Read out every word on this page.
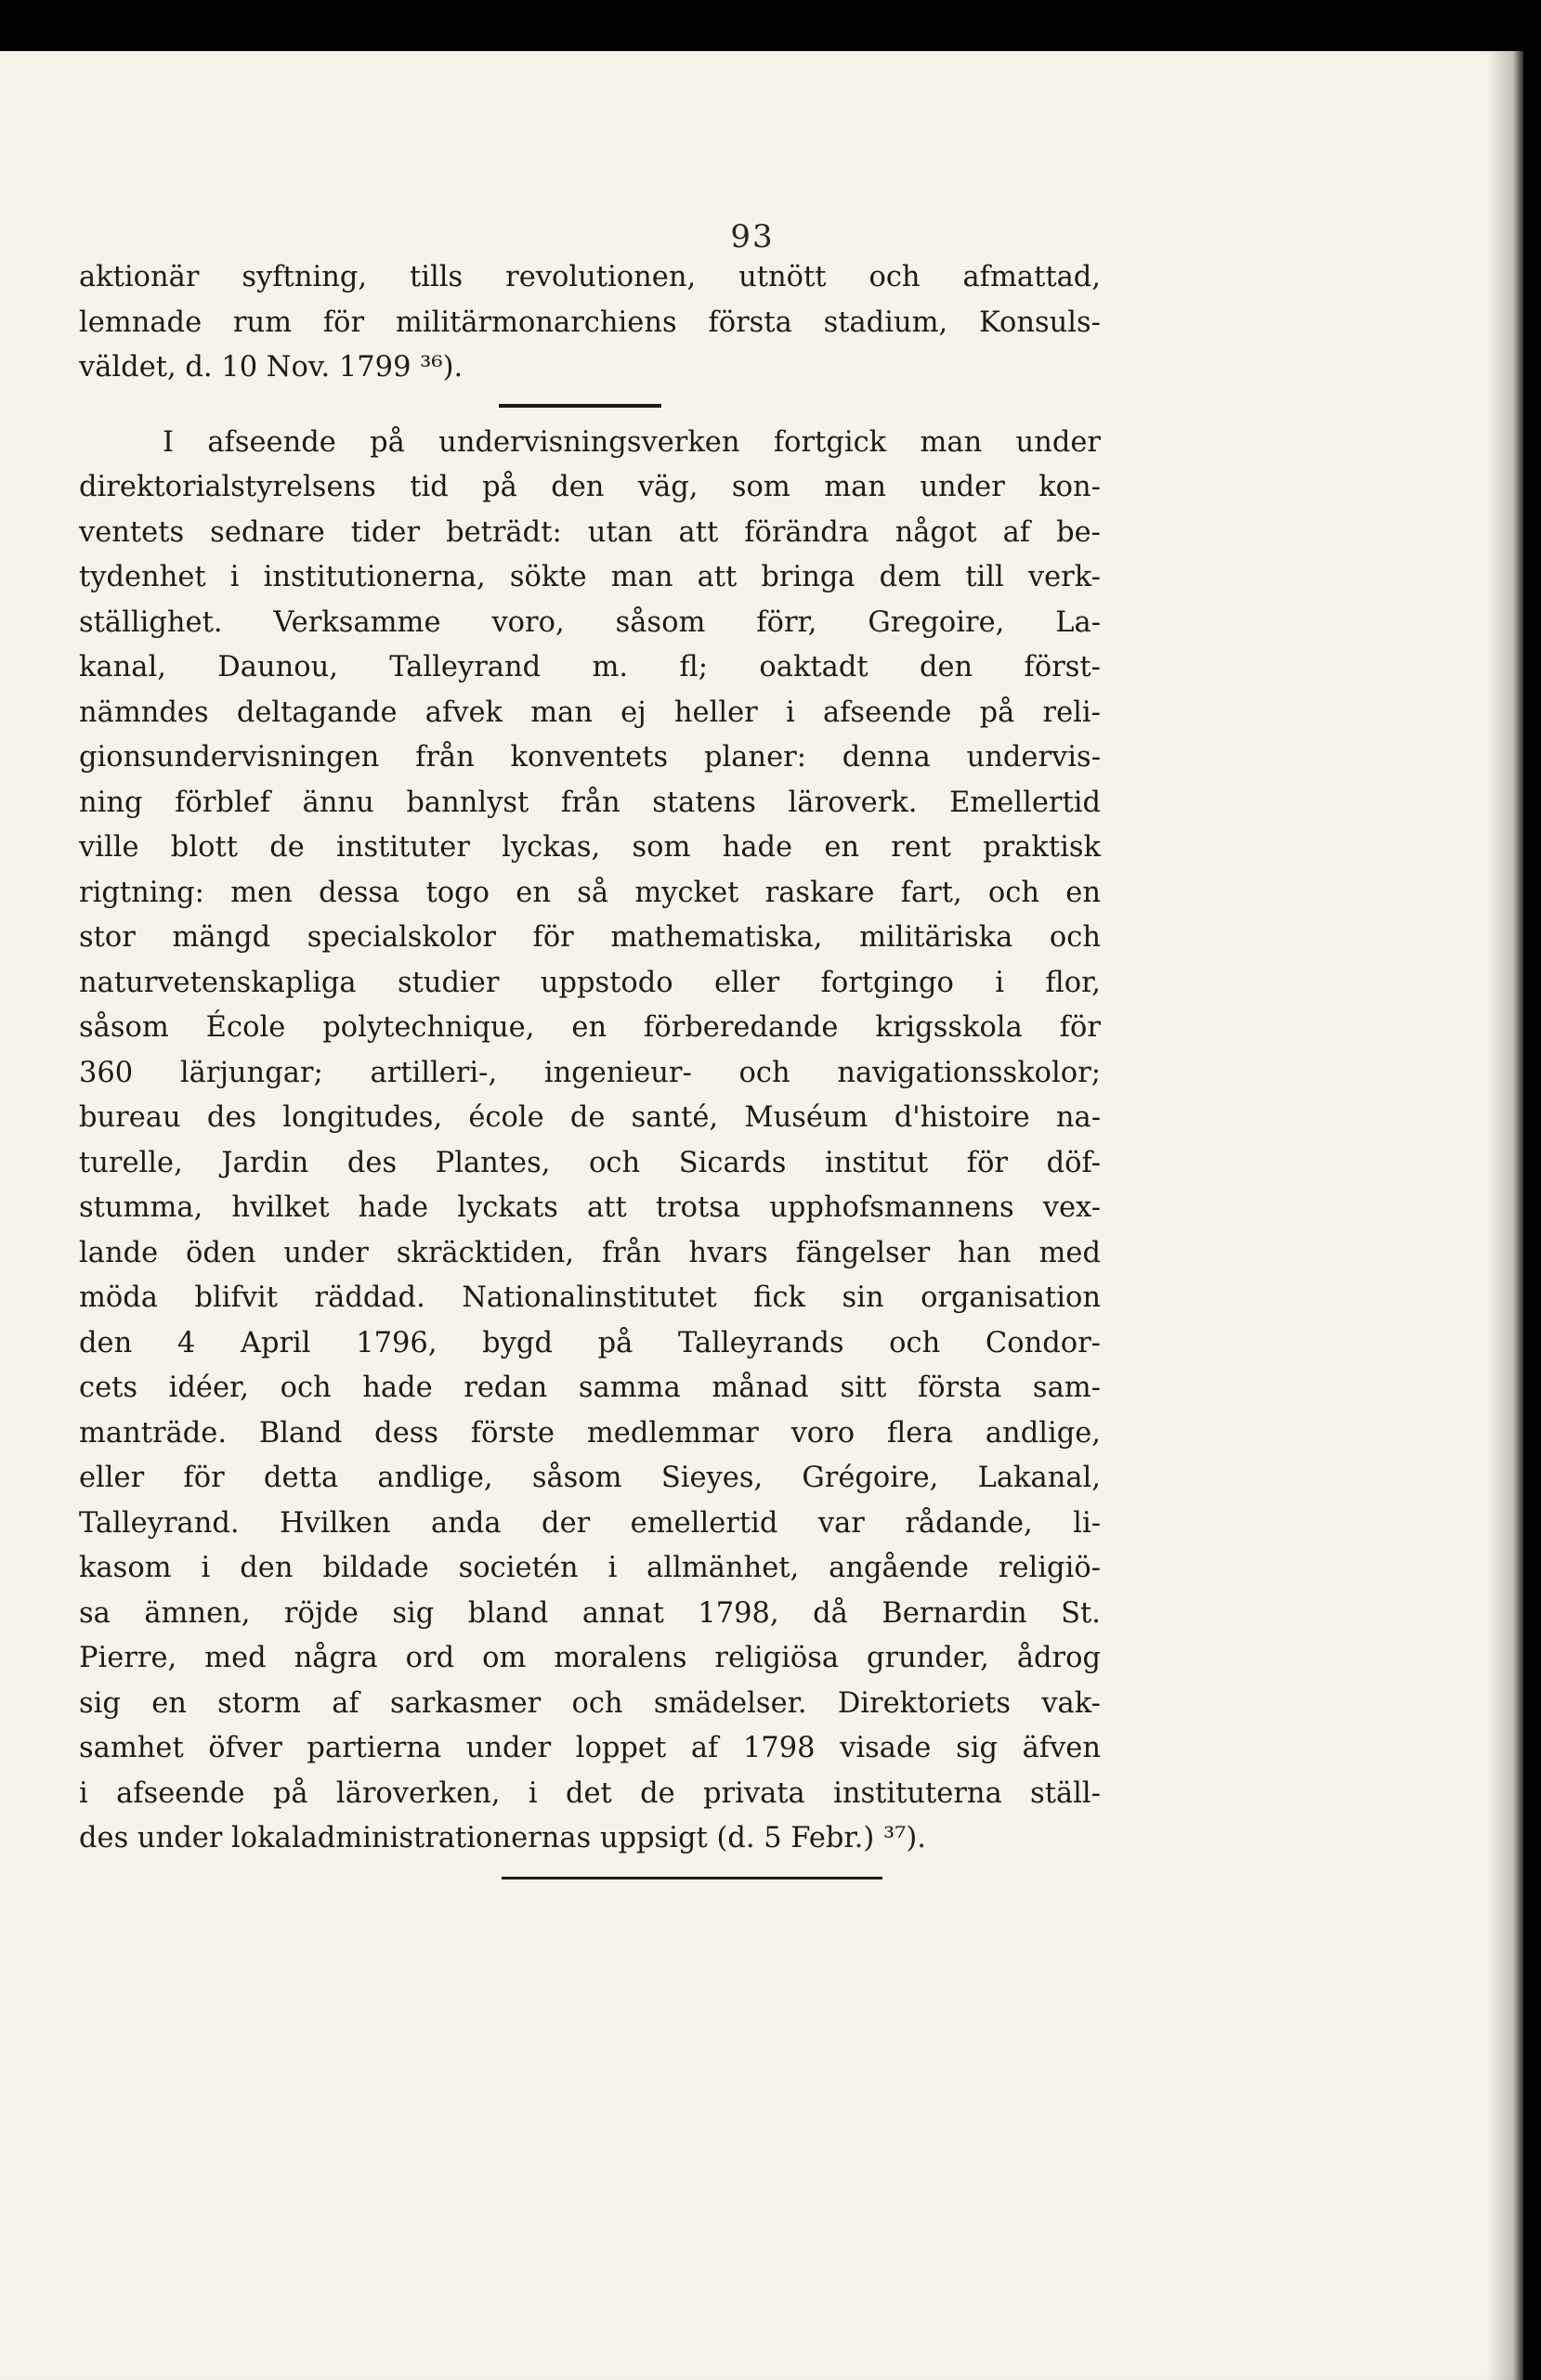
93
aktionär syftning, tills revolutionen, utnött och afmattad,
lemnade rum för militärmonarchiens första stadium, Konsuls-
väldet, d. 10 Nov. 1799 ³⁶).
I afseende på undervisningsverken fortgick man under
direktorialstyrelsens tid på den väg, som man under kon-
ventets sednare tider beträdt: utan att förändra något af be-
tydenhet i institutionerna, sökte man att bringa dem till verk-
ställighet. Verksamme voro, såsom förr, Gregoire, La-
kanal, Daunou, Talleyrand m. fl; oaktadt den först-
nämndes deltagande afvek man ej heller i afseende på reli-
gionsundervisningen från konventets planer: denna undervis-
ning förblef ännu bannlyst från statens läroverk. Emellertid
ville blott de instituter lyckas, som hade en rent praktisk
rigtning: men dessa togo en så mycket raskare fart, och en
stor mängd specialskolor för mathematiska, militäriska och
naturvetenskapliga studier uppstodo eller fortgingo i flor,
såsom École polytechnique, en förberedande krigsskola för
360 lärjungar; artilleri-, ingenieur- och navigationsskolor;
bureau des longitudes, école de santé, Muséum d'histoire na-
turelle, Jardin des Plantes, och Sicards institut för döf-
stumma, hvilket hade lyckats att trotsa upphofsmannens vex-
lande öden under skräcktiden, från hvars fängelser han med
möda blifvit räddad. Nationalinstitutet fick sin organisation
den 4 April 1796, bygd på Talleyrands och Condor-
cets idéer, och hade redan samma månad sitt första sam-
manträde. Bland dess förste medlemmar voro flera andlige,
eller för detta andlige, såsom Sieyes, Grégoire, Lakanal,
Talleyrand. Hvilken anda der emellertid var rådande, li-
kasom i den bildade societén i allmänhet, angående religiö-
sa ämnen, röjde sig bland annat 1798, då Bernardin St.
Pierre, med några ord om moralens religiösa grunder, ådrog
sig en storm af sarkasmer och smädelser. Direktoriets vak-
samhet öfver partierna under loppet af 1798 visade sig äfven
i afseende på läroverken, i det de privata instituterna ställ-
des under lokaladministrationernas uppsigt (d. 5 Febr.) ³⁷).
